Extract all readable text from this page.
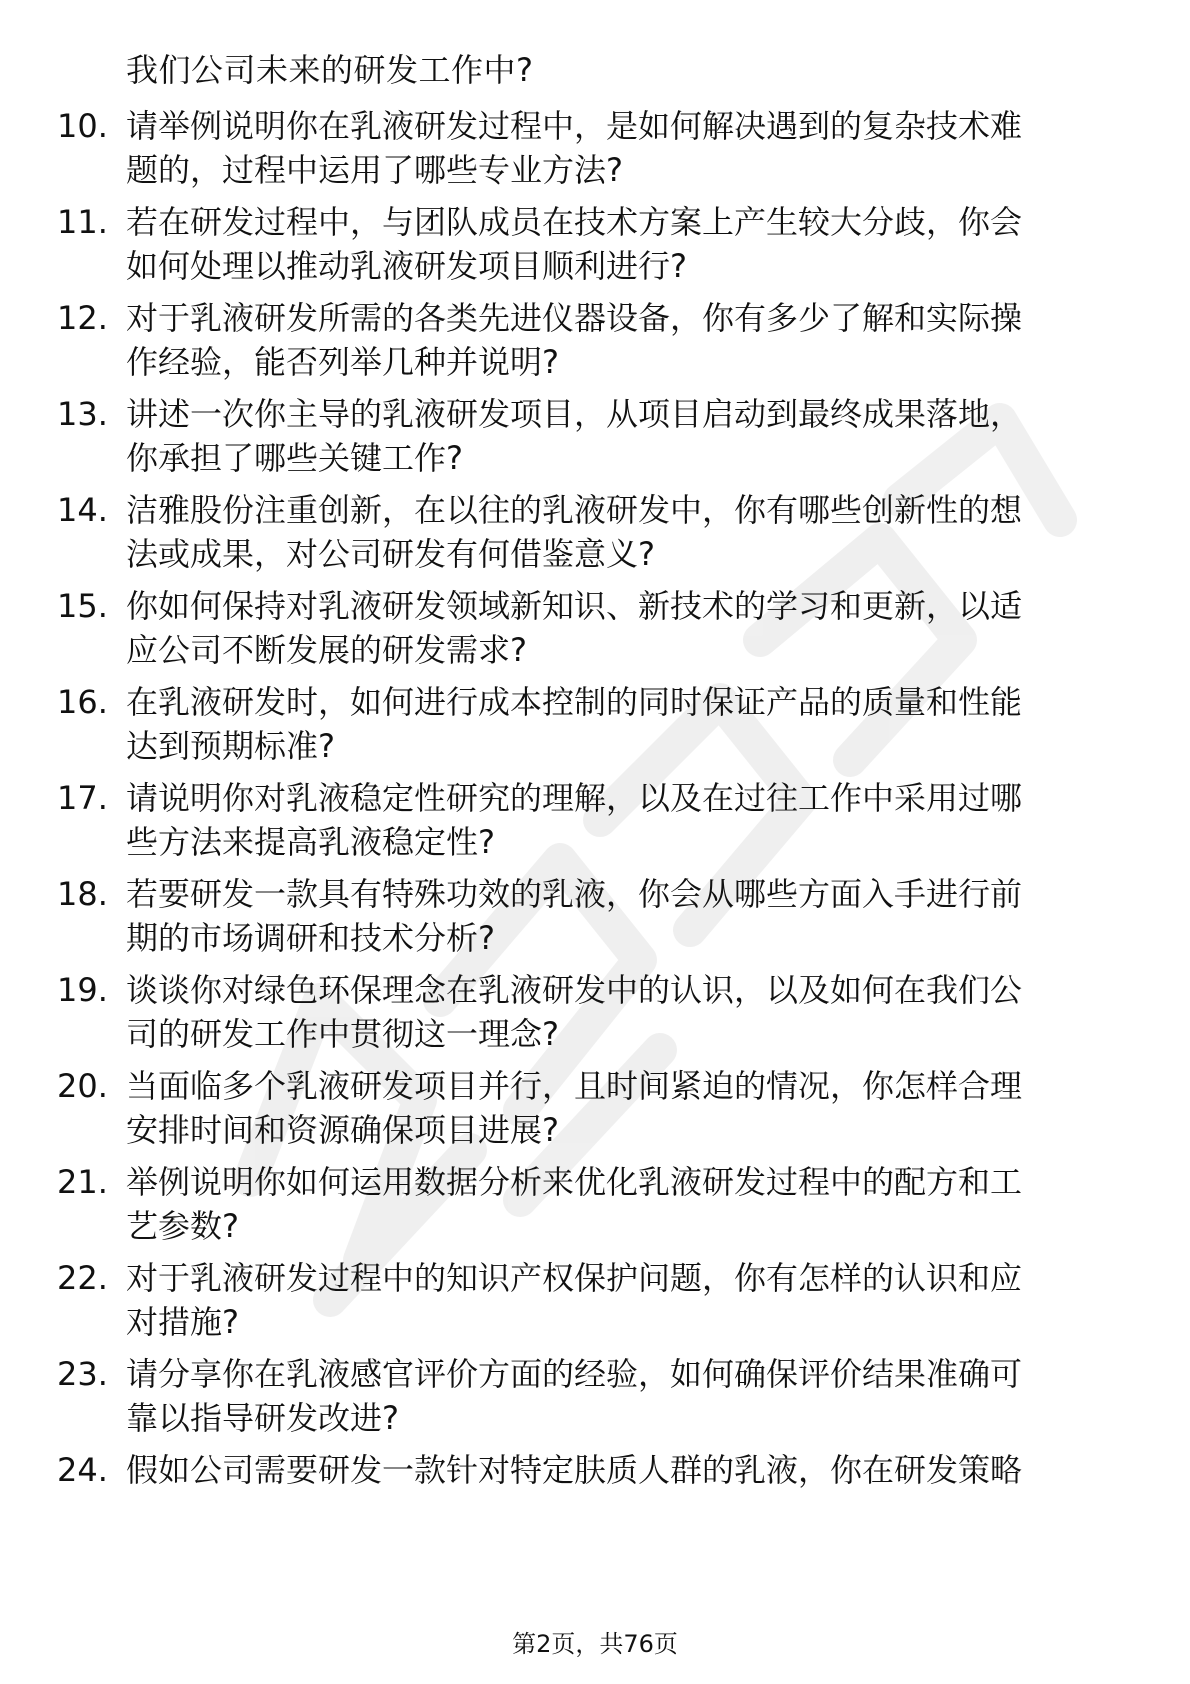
我们公司未来的研发工作中?
10. 请举例说明你在乳液研发过程中，是如何解决遇到的复杂技术难
题的，过程中运用了哪些专业方法?
11. 若在研发过程中，与团队成员在技术方案上产生较大分歧，你会
如何处理以推动乳液研发项目顺利进行?
12. 对于乳液研发所需的各类先进仪器设备，你有多少了解和实际操
作经验，能否列举几种并说明?
13. 讲述一次你主导的乳液研发项目，从项目启动到最终成果落地，
你承担了哪些关键工作?
14. 洁雅股份注重创新，在以往的乳液研发中，你有哪些创新性的想
法或成果，对公司研发有何借鉴意义?
15. 你如何保持对乳液研发领域新知识、新技术的学习和更新，以适
应公司不断发展的研发需求?
16. 在乳液研发时，如何进行成本控制的同时保证产品的质量和性能
达到预期标准?
17. 请说明你对乳液稳定性研究的理解，以及在过往工作中采用过哪
些方法来提高乳液稳定性?
18. 若要研发一款具有特殊功效的乳液，你会从哪些方面入手进行前
期的市场调研和技术分析?
19. 谈谈你对绿色环保理念在乳液研发中的认识，以及如何在我们公
司的研发工作中贯彻这一理念?
20. 当面临多个乳液研发项目并行，且时间紧迫的情况，你怎样合理
安排时间和资源确保项目进展?
21. 举例说明你如何运用数据分析来优化乳液研发过程中的配方和工
艺参数?
22. 对于乳液研发过程中的知识产权保护问题，你有怎样的认识和应
对措施?
23. 请分享你在乳液感官评价方面的经验，如何确保评价结果准确可
靠以指导研发改进?
24. 假如公司需要研发一款针对特定肤质人群的乳液，你在研发策略
第2页，共76页
